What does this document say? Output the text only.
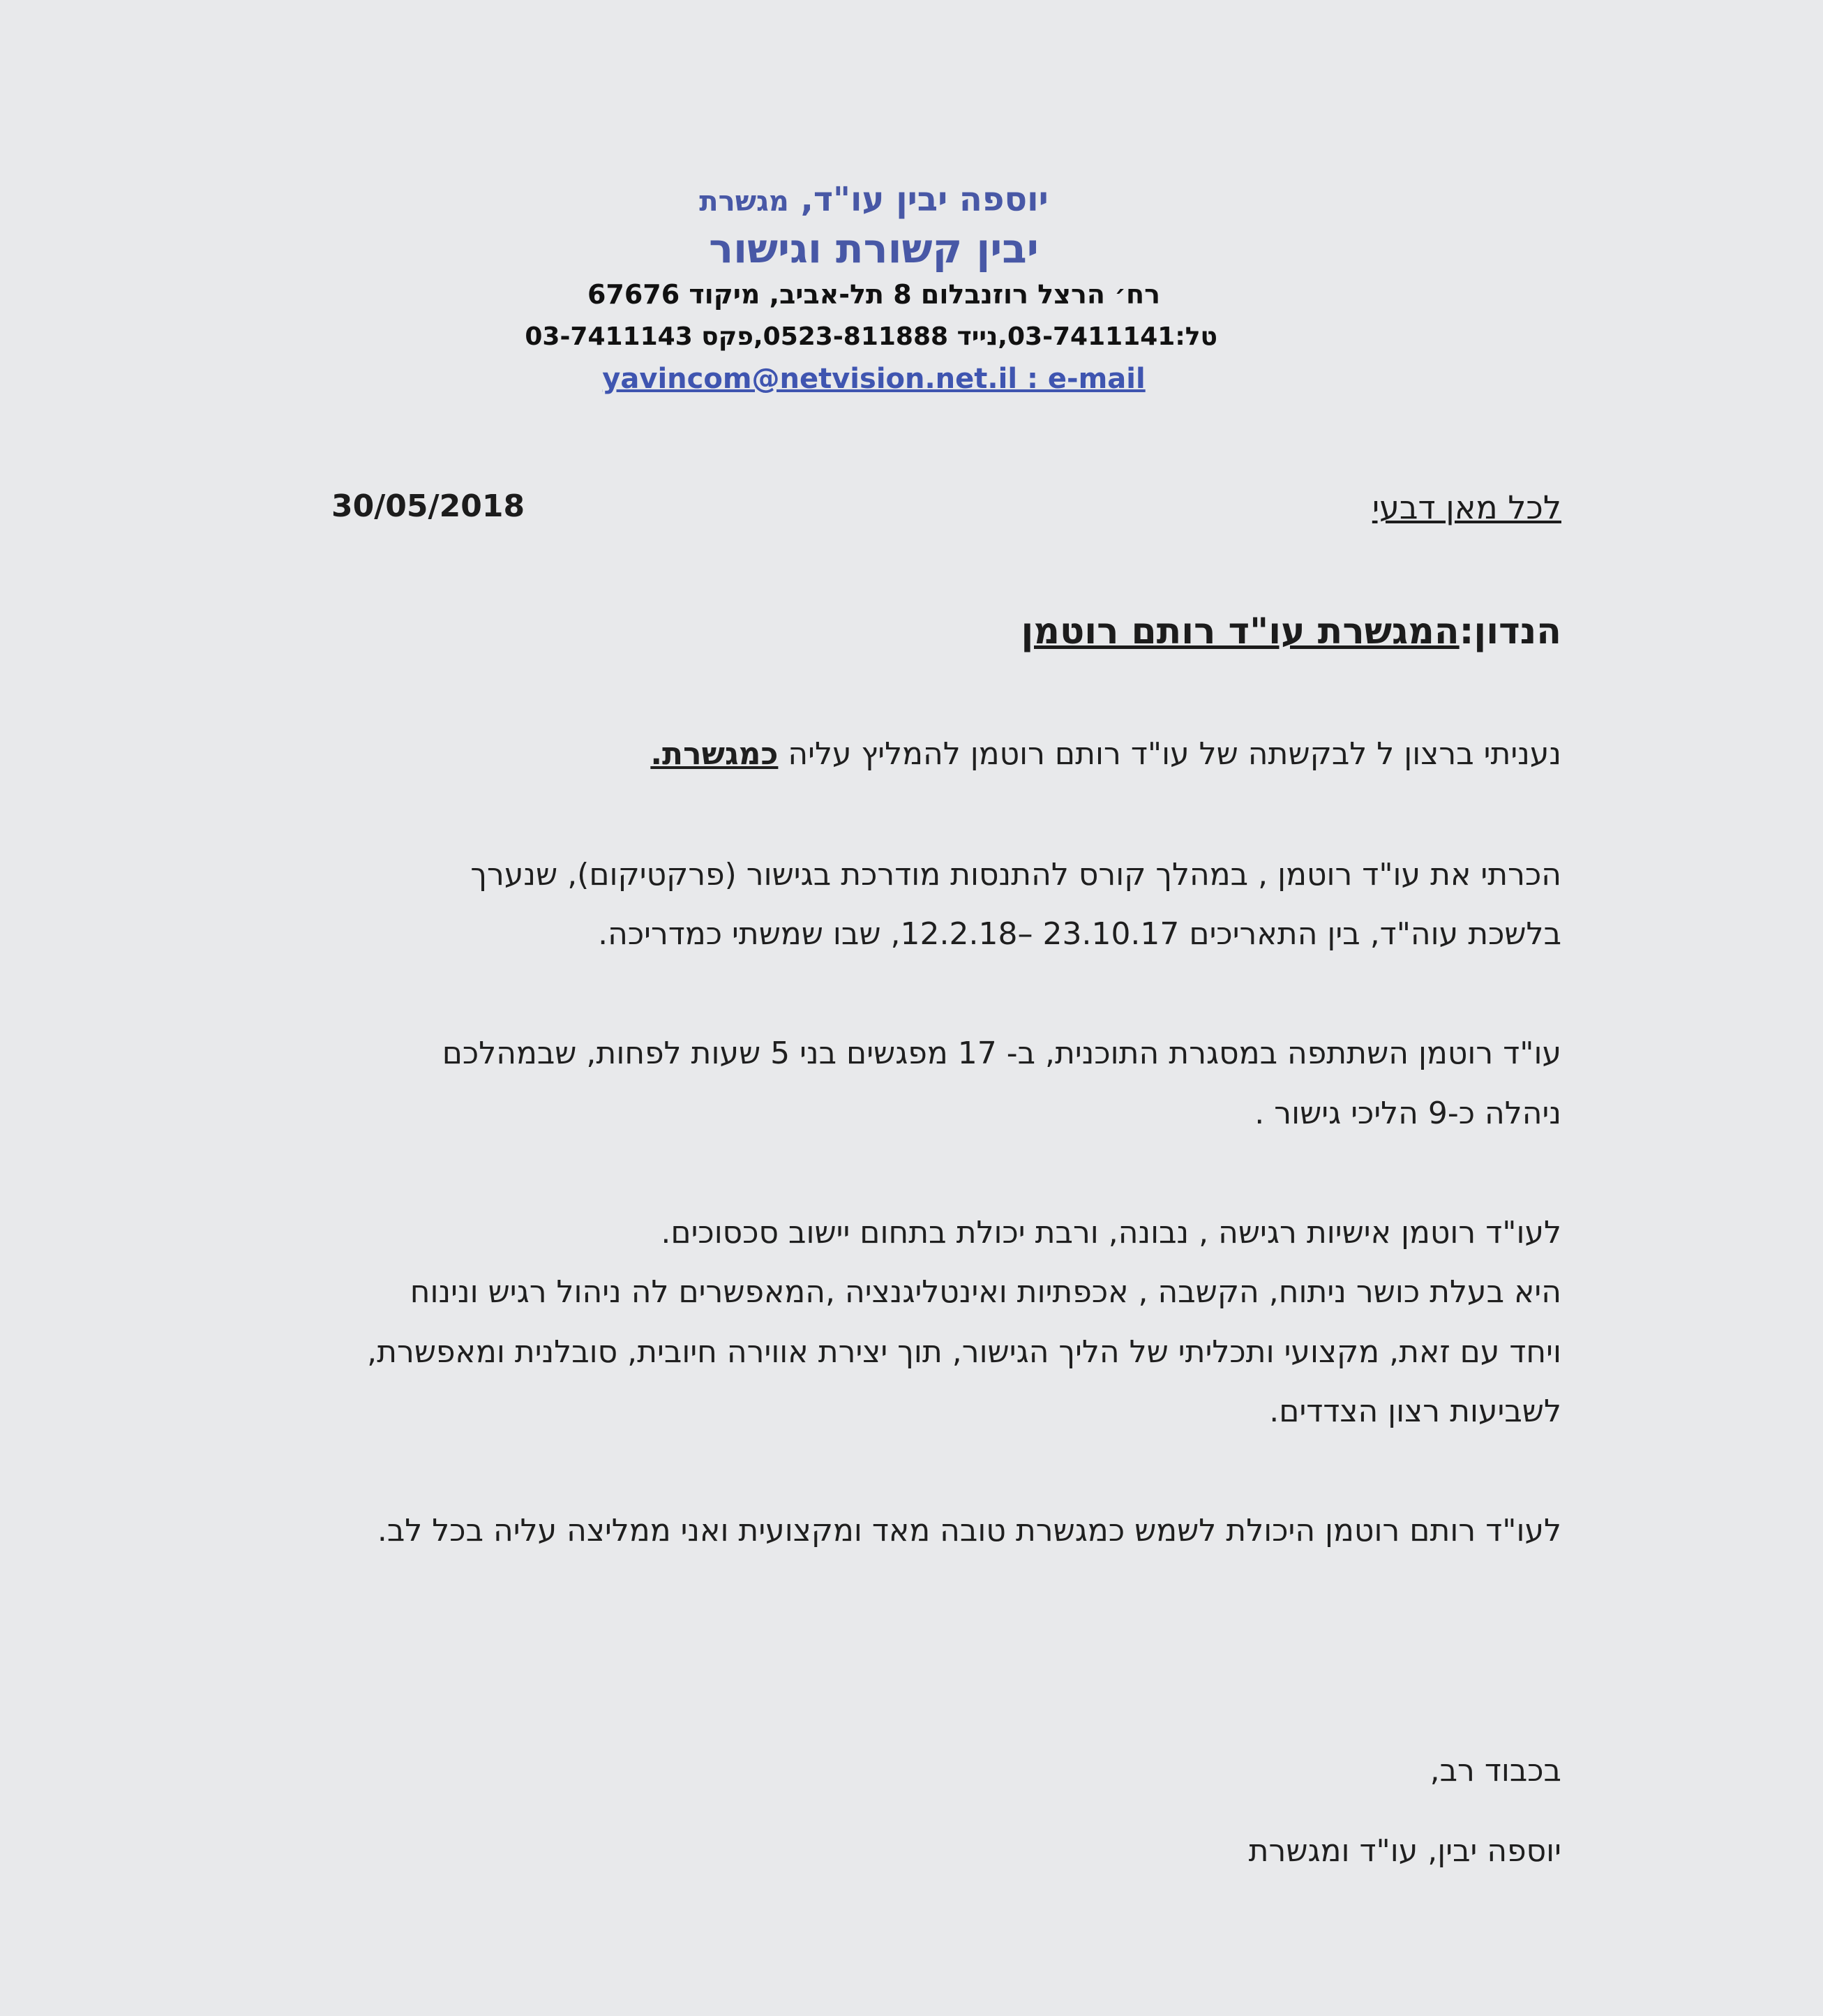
יוספה יבין עו"ד, מגשרת

יבין קשורת וגישור

רח׳ הרצל רוזנבלום 8 תל-אביב, מיקוד 67676

טל:03-7411141,נייד 0523-811888,פקס 03-7411143

yavincom@netvision.net.il : e-mail

לכל מאן דבעי

30/05/2018

הנדון:המגשרת עו"ד רותם רוטמן

נעניתי ברצון ל לבקשתה של עו"ד רותם רוטמן להמליץ עליה כמגשרת.

הכרתי את עו"ד רוטמן , במהלך קורס להתנסות מודרכת בגישור (פרקטיקום), שנערך

בלשכת עוה"ד, בין התאריכים 23.10.17 –12.2.18, שבו שמשתי כמדריכה.

עו"ד רוטמן השתתפה במסגרת התוכנית, ב- 17 מפגשים בני 5 שעות לפחות, שבמהלכם

ניהלה כ-9 הליכי גישור .

לעו"ד רוטמן אישיות רגישה , נבונה, ורבת יכולת בתחום יישוב סכסוכים.

היא בעלת כושר ניתוח, הקשבה , אכפתיות ואינטליגנציה ,המאפשרים לה ניהול רגיש ונינוח

ויחד עם זאת, מקצועי ותכליתי של הליך הגישור, תוך יצירת אווירה חיובית, סובלנית ומאפשרת,

לשביעות רצון הצדדים.

לעו"ד רותם רוטמן היכולת לשמש כמגשרת טובה מאד ומקצועית ואני ממליצה עליה בכל לב.

בכבוד רב,

יוספה יבין, עו"ד ומגשרת
